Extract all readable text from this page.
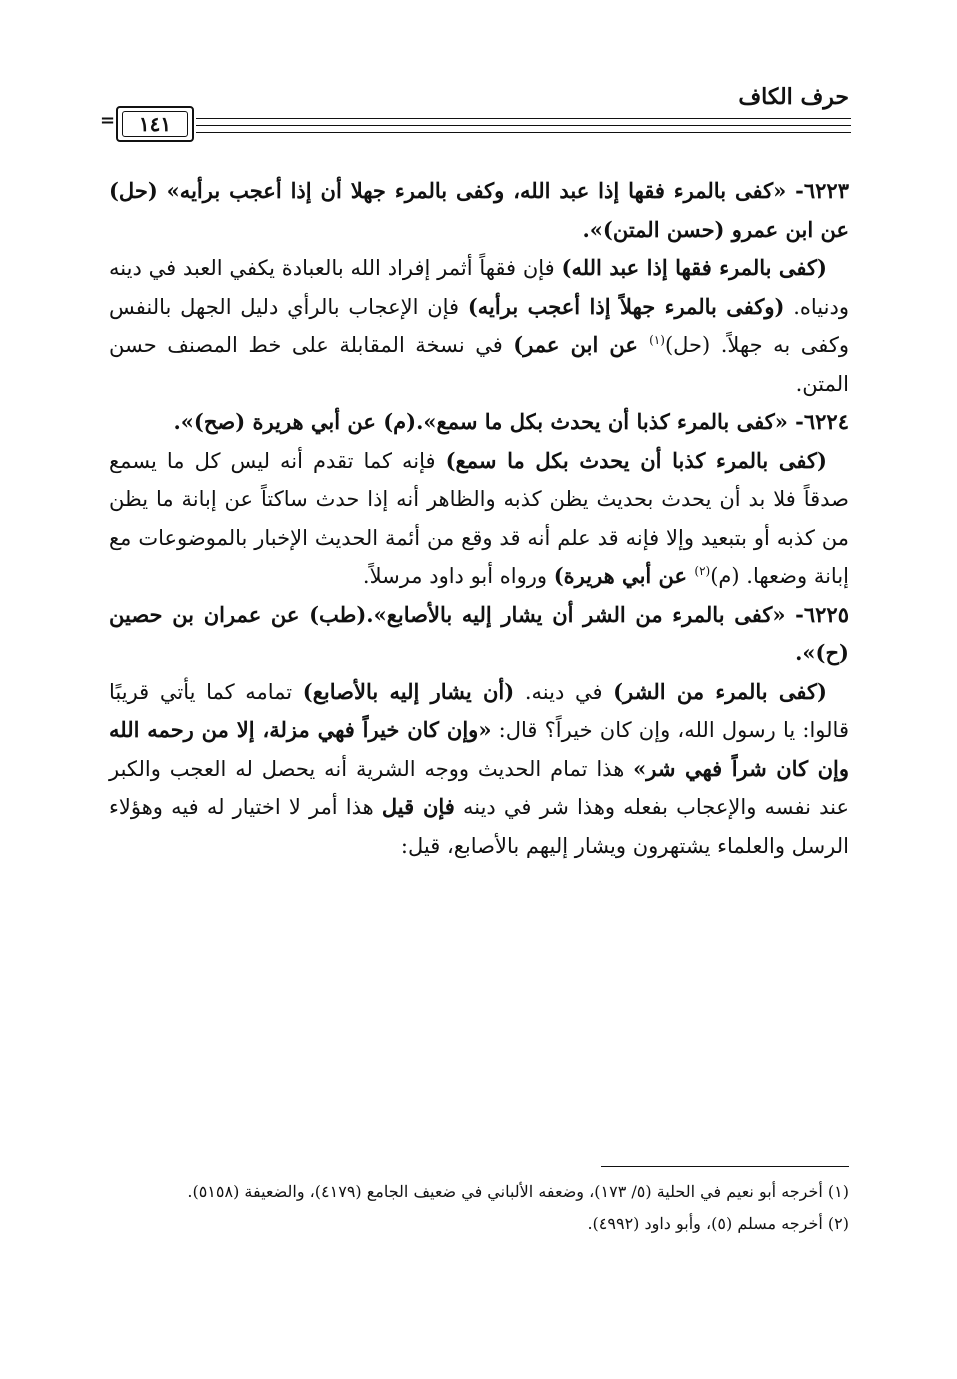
حرف الكاف
١٤١
=

٦٢٢٣- «كفى بالمرء فقها إذا عبد الله، وكفى بالمرء جهلا أن إذا أعجب برأيه» (حل) عن ابن عمرو (حسن المتن)».

(كفى بالمرء فقها إذا عبد الله) فإن فقهاً أثمر إفراد الله بالعبادة يكفي العبد في دينه ودنياه. (وكفى بالمرء جهلاً إذا أعجب برأيه) فإن الإعجاب بالرأي دليل الجهل بالنفس وكفى به جهلاً. (حل)$^{(١)}$ عن ابن عمر) في نسخة المقابلة على خط المصنف حسن المتن.

٦٢٢٤- «كفى بالمرء كذبا أن يحدث بكل ما سمع».(م) عن أبي هريرة (صح)».

(كفى بالمرء كذبا أن يحدث بكل ما سمع) فإنه كما تقدم أنه ليس كل ما يسمع صدقاً فلا بد أن يحدث بحديث يظن كذبه والظاهر أنه إذا حدث ساكتاً عن إبانة ما يظن من كذبه أو بتبعيد وإلا فإنه قد علم أنه قد وقع من أئمة الحديث الإخبار بالموضوعات مع إبانة وضعها. (م)$^{(٢)}$ عن أبي هريرة) ورواه أبو داود مرسلاً.

٦٢٢٥- «كفى بالمرء من الشر أن يشار إليه بالأصابع».(طب) عن عمران بن حصين (ح)».

(كفى بالمرء من الشر) في دينه. (أن يشار إليه بالأصابع) تمامه كما يأتي قريبًا قالوا: يا رسول الله، وإن كان خيراً؟ قال: «وإن كان خيراً فهي مزلة، إلا من رحمه الله وإن كان شراً فهي شر» هذا تمام الحديث ووجه الشرية أنه يحصل له العجب والكبر عند نفسه والإعجاب بفعله وهذا شر في دينه فإن قيل هذا أمر لا اختيار له فيه وهؤلاء الرسل والعلماء يشتهرون ويشار إليهم بالأصابع، قيل:

(١) أخرجه أبو نعيم في الحلية (٥/ ١٧٣)، وضعفه الألباني في ضعيف الجامع (٤١٧٩)، والضعيفة (٥١٥٨).

(٢) أخرجه مسلم (٥)، وأبو داود (٤٩٩٢).
